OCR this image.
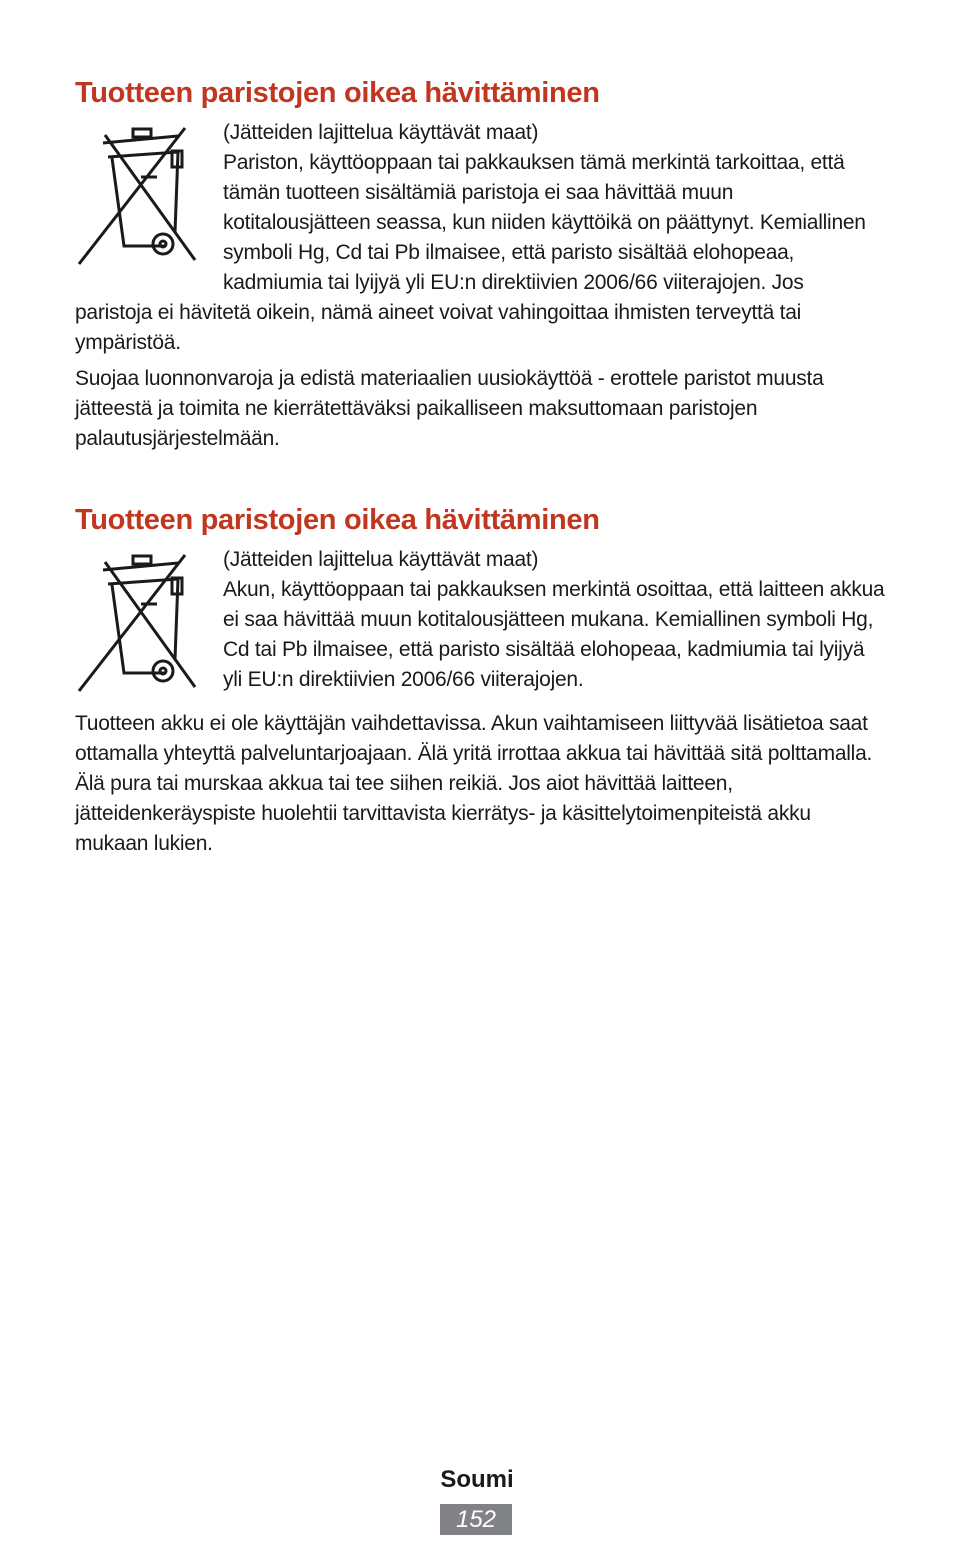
Tuotteen paristojen oikea hävittäminen

(Jätteiden lajittelua käyttävät maat)

Pariston, käyttöoppaan tai pakkauksen tämä merkintä tarkoittaa, että tämän tuotteen sisältämiä paristoja ei saa hävittää muun kotitalousjätteen seassa, kun niiden käyttöikä on päättynyt. Kemiallinen symboli Hg, Cd tai Pb ilmaisee, että paristo sisältää elohopeaa, kadmiumia tai lyijyä yli EU:n direktiivien 2006/66 viiterajojen. Jos paristoja ei hävitetä oikein, nämä aineet voivat vahingoittaa ihmisten terveyttä tai ympäristöä.

Suojaa luonnonvaroja ja edistä materiaalien uusiokäyttöä - erottele paristot muusta jätteestä ja toimita ne kierrätettäväksi paikalliseen maksuttomaan paristojen palautusjärjestelmään.

Tuotteen paristojen oikea hävittäminen

(Jätteiden lajittelua käyttävät maat)

Akun, käyttöoppaan tai pakkauksen merkintä osoittaa, että laitteen akkua ei saa hävittää muun kotitalousjätteen mukana. Kemiallinen symboli Hg, Cd tai Pb ilmaisee, että paristo sisältää elohopeaa, kadmiumia tai lyijyä yli EU:n direktiivien 2006/66 viiterajojen.

Tuotteen akku ei ole käyttäjän vaihdettavissa. Akun vaihtamiseen liittyvää lisätietoa saat ottamalla yhteyttä palveluntarjoajaan. Älä yritä irrottaa akkua tai hävittää sitä polttamalla. Älä pura tai murskaa akkua tai tee siihen reikiä. Jos aiot hävittää laitteen, jätteidenkeräyspiste huolehtii tarvittavista kierrätys- ja käsittelytoimenpiteistä akku mukaan lukien.

Soumi
152
